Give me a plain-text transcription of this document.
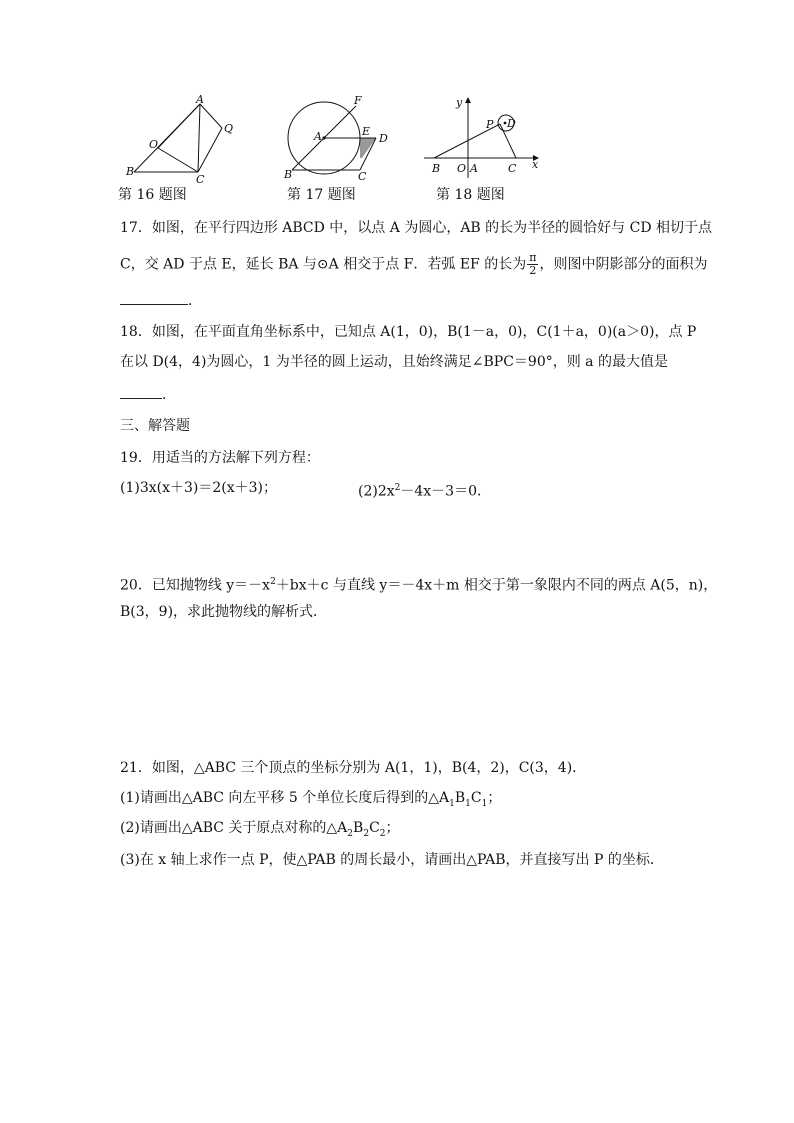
A
O
Q
B
C
第 16 题图
F
A	E
D
B	C
第 17 题图
y
P D
B O A	C x
第 18 题图
17．如图，在平行四边形 ABCD 中，以点 A 为圆心，AB 的长为半径的圆恰好与 CD 相切于点
C，交 AD 于点 E，延长 BA 与⊙A 相交于点 F．若弧 EF 的长为 $\frac{\pi}{2}$ ，则图中阴影部分的面积为
．
18．如图，在平面直角坐标系中，已知点 A(1，0)，B(1－a，0)，C(1＋a，0)(a＞0)，点 P
在以 D(4，4)为圆心，1 为半径的圆上运动，且始终满足∠BPC＝90°，则 a 的最大值是
．
三、解答题
19．用适当的方法解下列方程：
(1)3x(x＋3)＝2(x＋3)；	$(2)2x^2-4x-3=0$．
20．已知抛物线 $y=-x^2+bx+c$ 与直线 y＝－4x＋m 相交于第一象限内不同的两点 A(5，n)，
B(3，9)，求此抛物线的解析式．
21．如图，△ABC 三个顶点的坐标分别为 A(1，1)，B(4，2)，C(3，4)．
(1)请画出△ABC 向左平移 5 个单位长度后得到的$\triangle A_1B_1C_1$；
(2)请画出△ABC 关于原点对称的$\triangle A_2B_2C_2$；
(3)在 x 轴上求作一点 P，使△PAB 的周长最小，请画出△PAB，并直接写出 P 的坐标．
